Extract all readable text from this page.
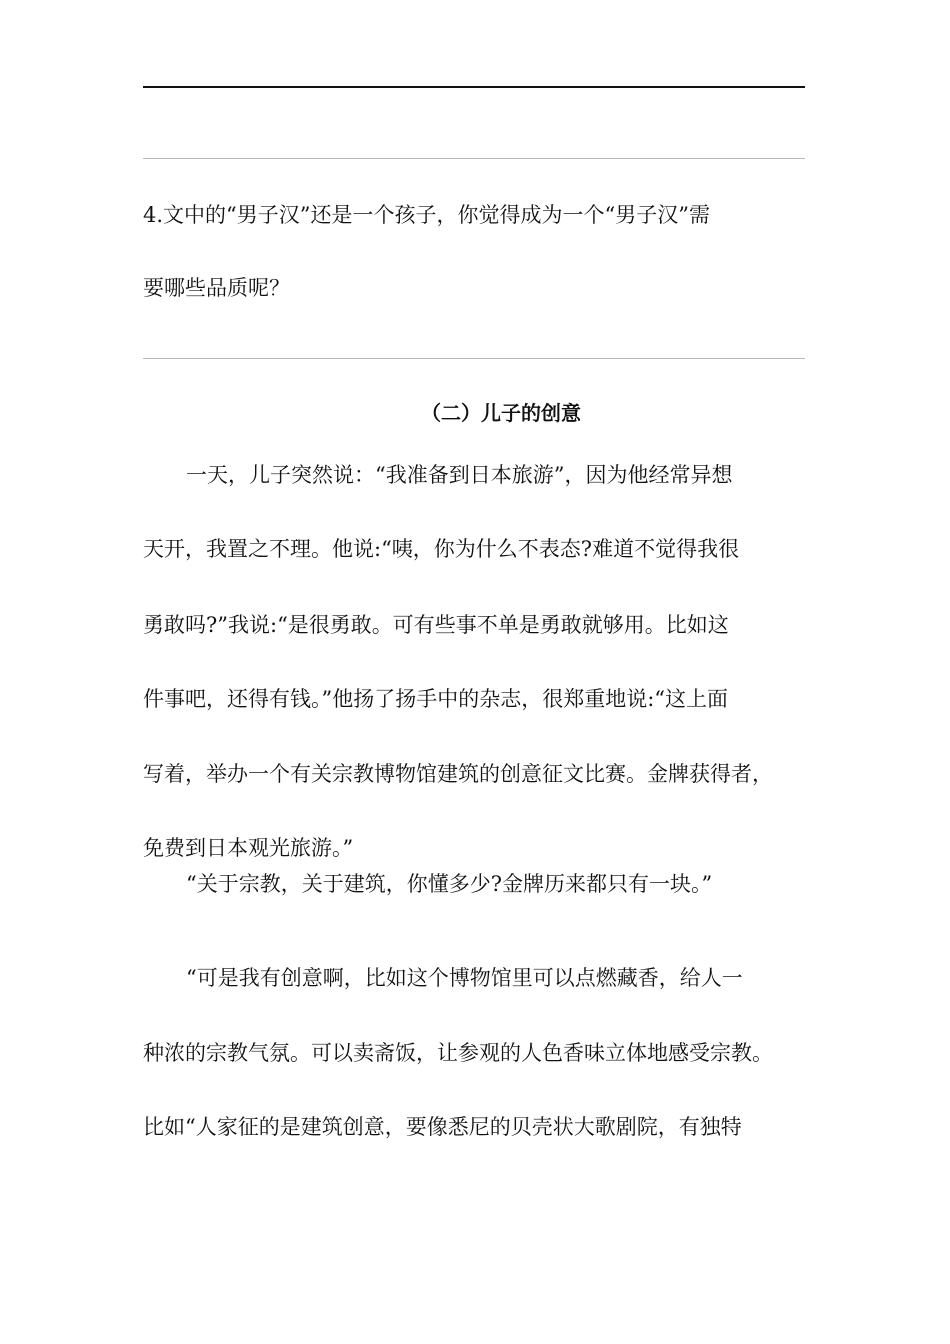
4.文中的“男子汉”还是一个孩子，你觉得成为一个“男子汉”需
要哪些品质呢？
（二）儿子的创意
一天，儿子突然说：“我准备到日本旅游”，因为他经常异想
天开，我置之不理。他说:“咦，你为什么不表态?难道不觉得我很
勇敢吗?”我说:“是很勇敢。可有些事不单是勇敢就够用。比如这
件事吧，还得有钱。”他扬了扬手中的杂志，很郑重地说:“这上面
写着，举办一个有关宗教博物馆建筑的创意征文比赛。金牌获得者，
免费到日本观光旅游。”
“关于宗教，关于建筑，你懂多少?金牌历来都只有一块。”
“可是我有创意啊，比如这个博物馆里可以点燃藏香，给人一
种浓的宗教气氛。可以卖斋饭，让参观的人色香味立体地感受宗教。
比如“人家征的是建筑创意，要像悉尼的贝壳状大歌剧院，有独特
